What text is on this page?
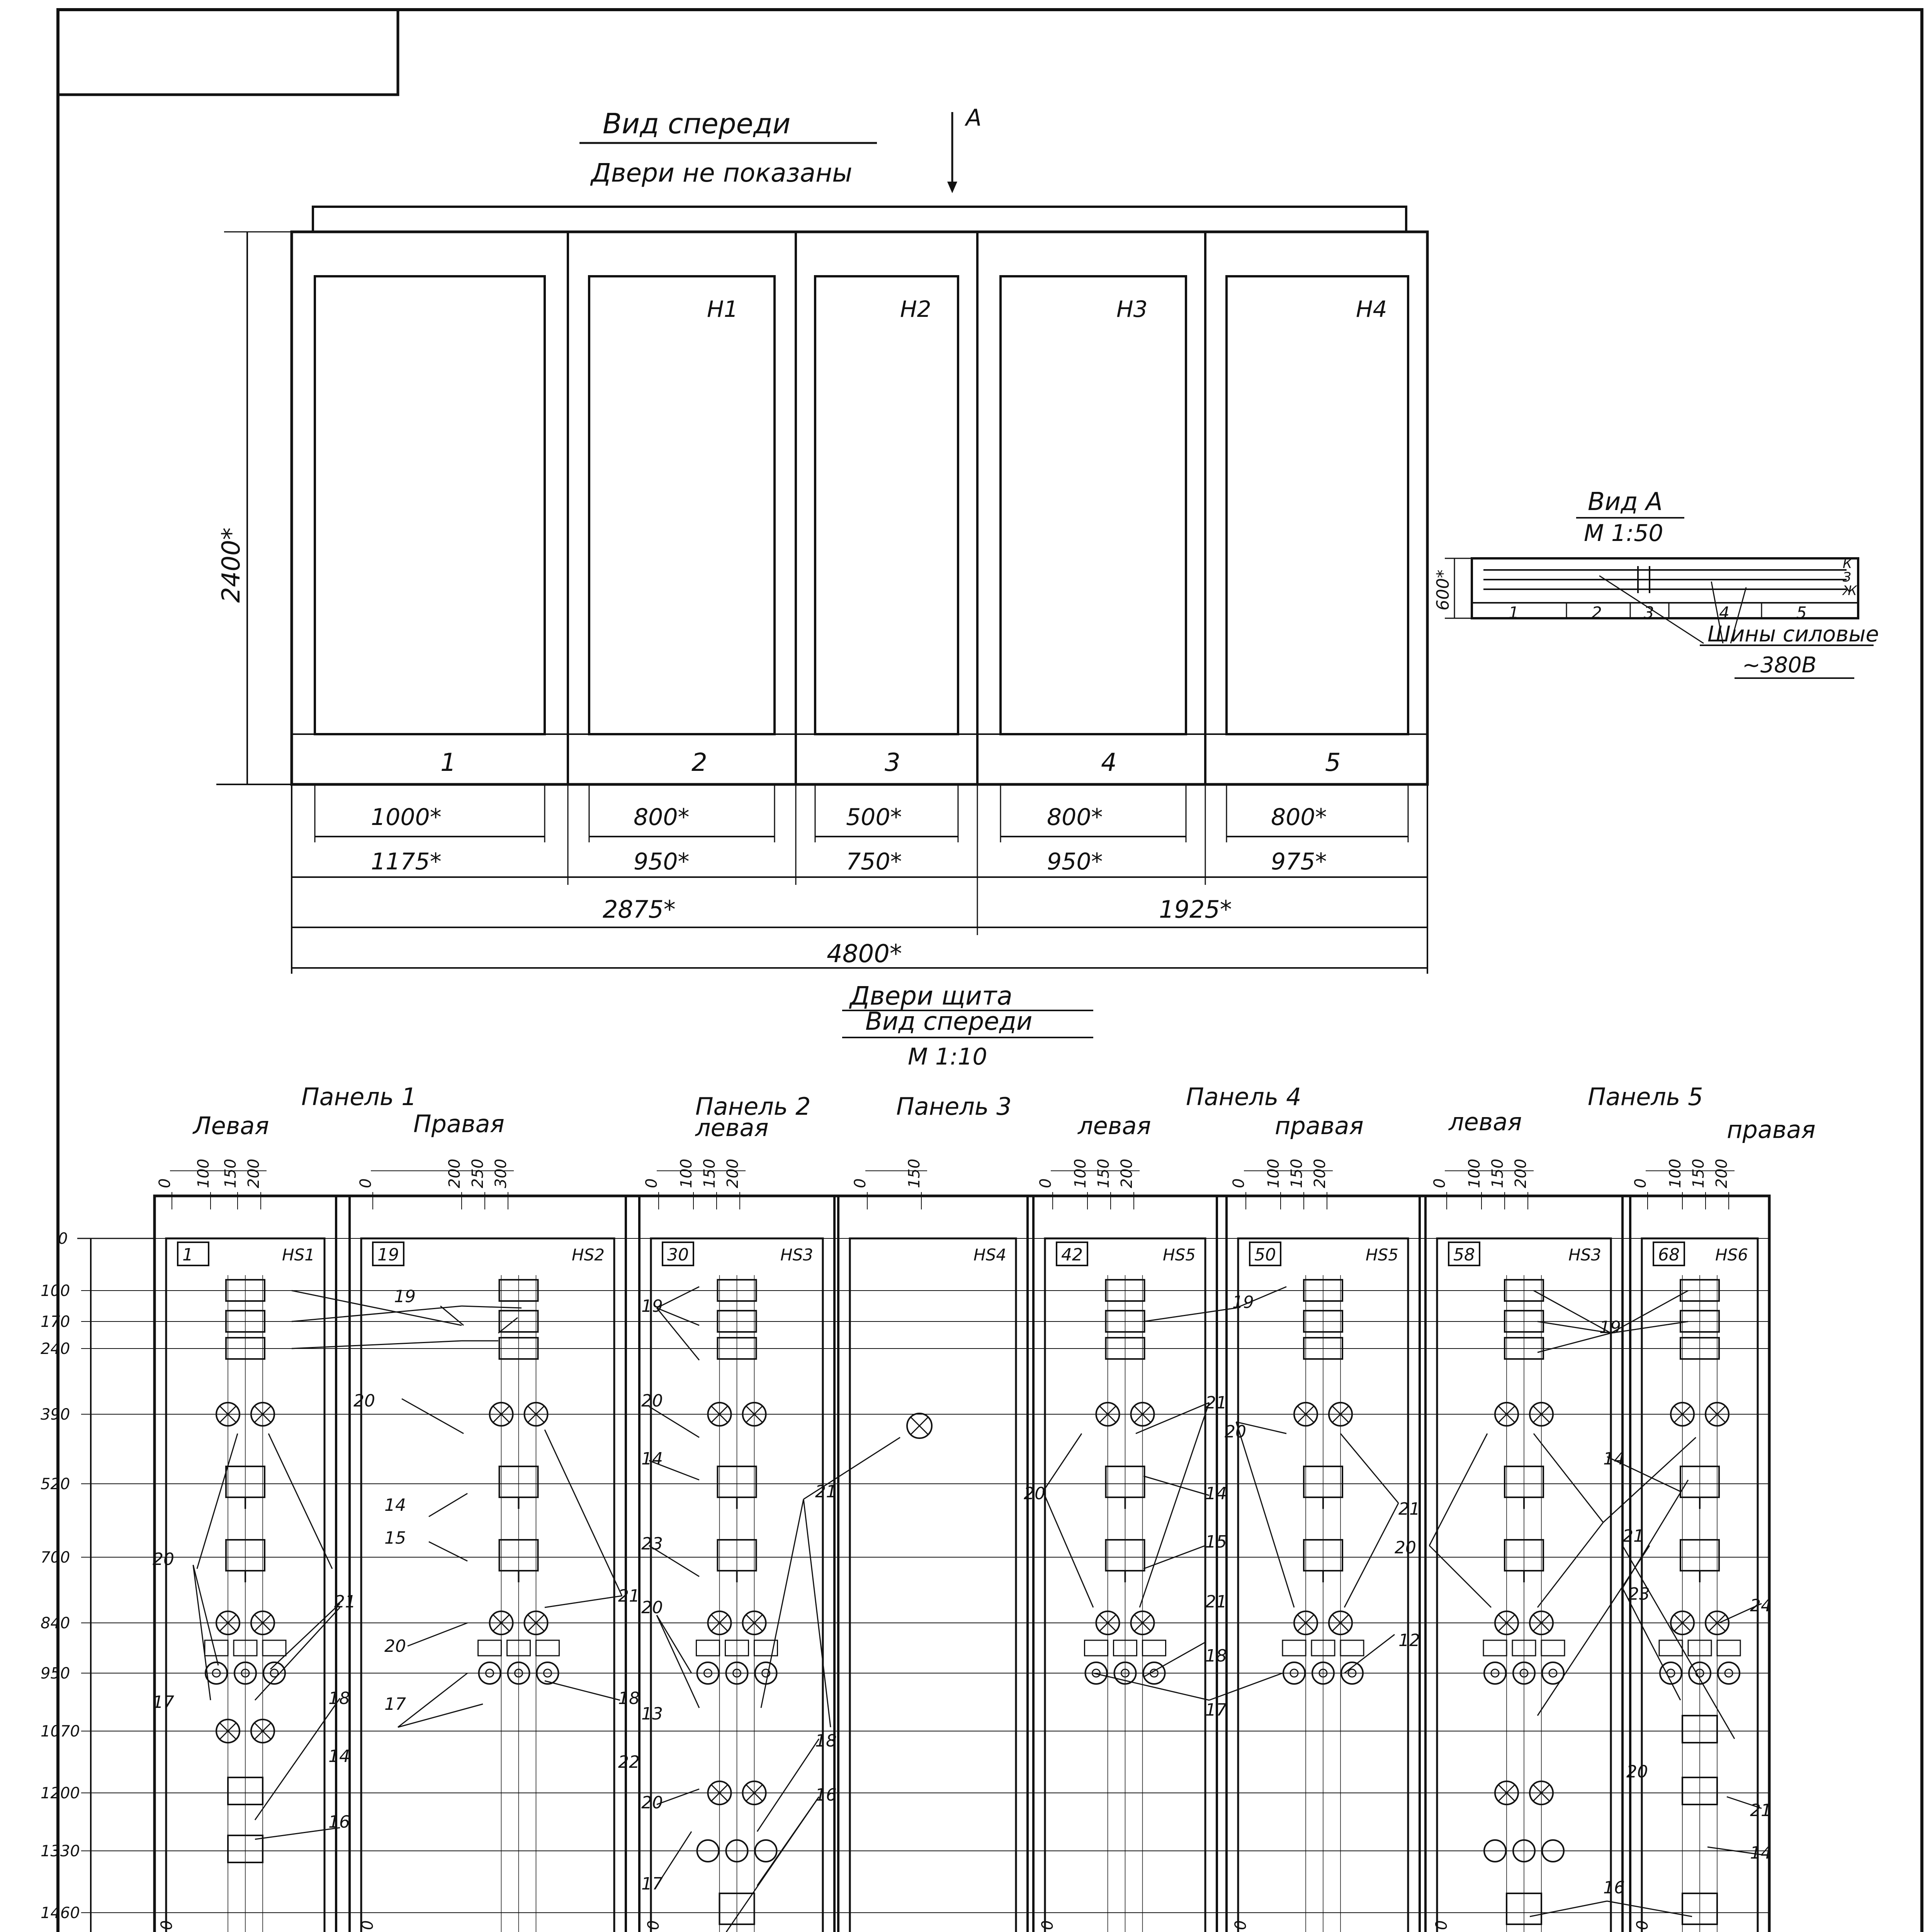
Вид спереди
Двери не показаны
А
Н1	Н2	Н3	Н4
1	2	3	4	5
2400*
1000*	800*	500*	800*	800*
1175*	950*	750*	950*	975*
2875*	1925*
4800*
Вид А
М 1:50
1	2	3	4	5
К
З
Ж
600*
Шины силовые
~380В
Двери щита
Вид спереди
М 1:10
Панель 1	Панель 2	Панель 3	Панель 4	Панель 5
Левая	Правая	левая	левая	правая	левая	правая
0
100
170
240
390
520
700
840
950
1070
1200
1330
1460
1	НS1
0 100 150 200
0
19	НS2
0	200 250 300
0
30	НS3
0 100 150 200
0
НS4
0 150
42	НS5
0 100 150 200
0
50	НS5
0 100 150 200
0
58	НS3
0 100 150 200
0
68 НS6
0 100 150 200
0
19
20
14
15
20
17
21
18
22
20
17
21
18
14
16
19
20
14
23
20
13
20
17
21
18
16
20
21
14
15
21
18
17
19
20
21
20
12
19
14
21
23
20
16
24
21
14
